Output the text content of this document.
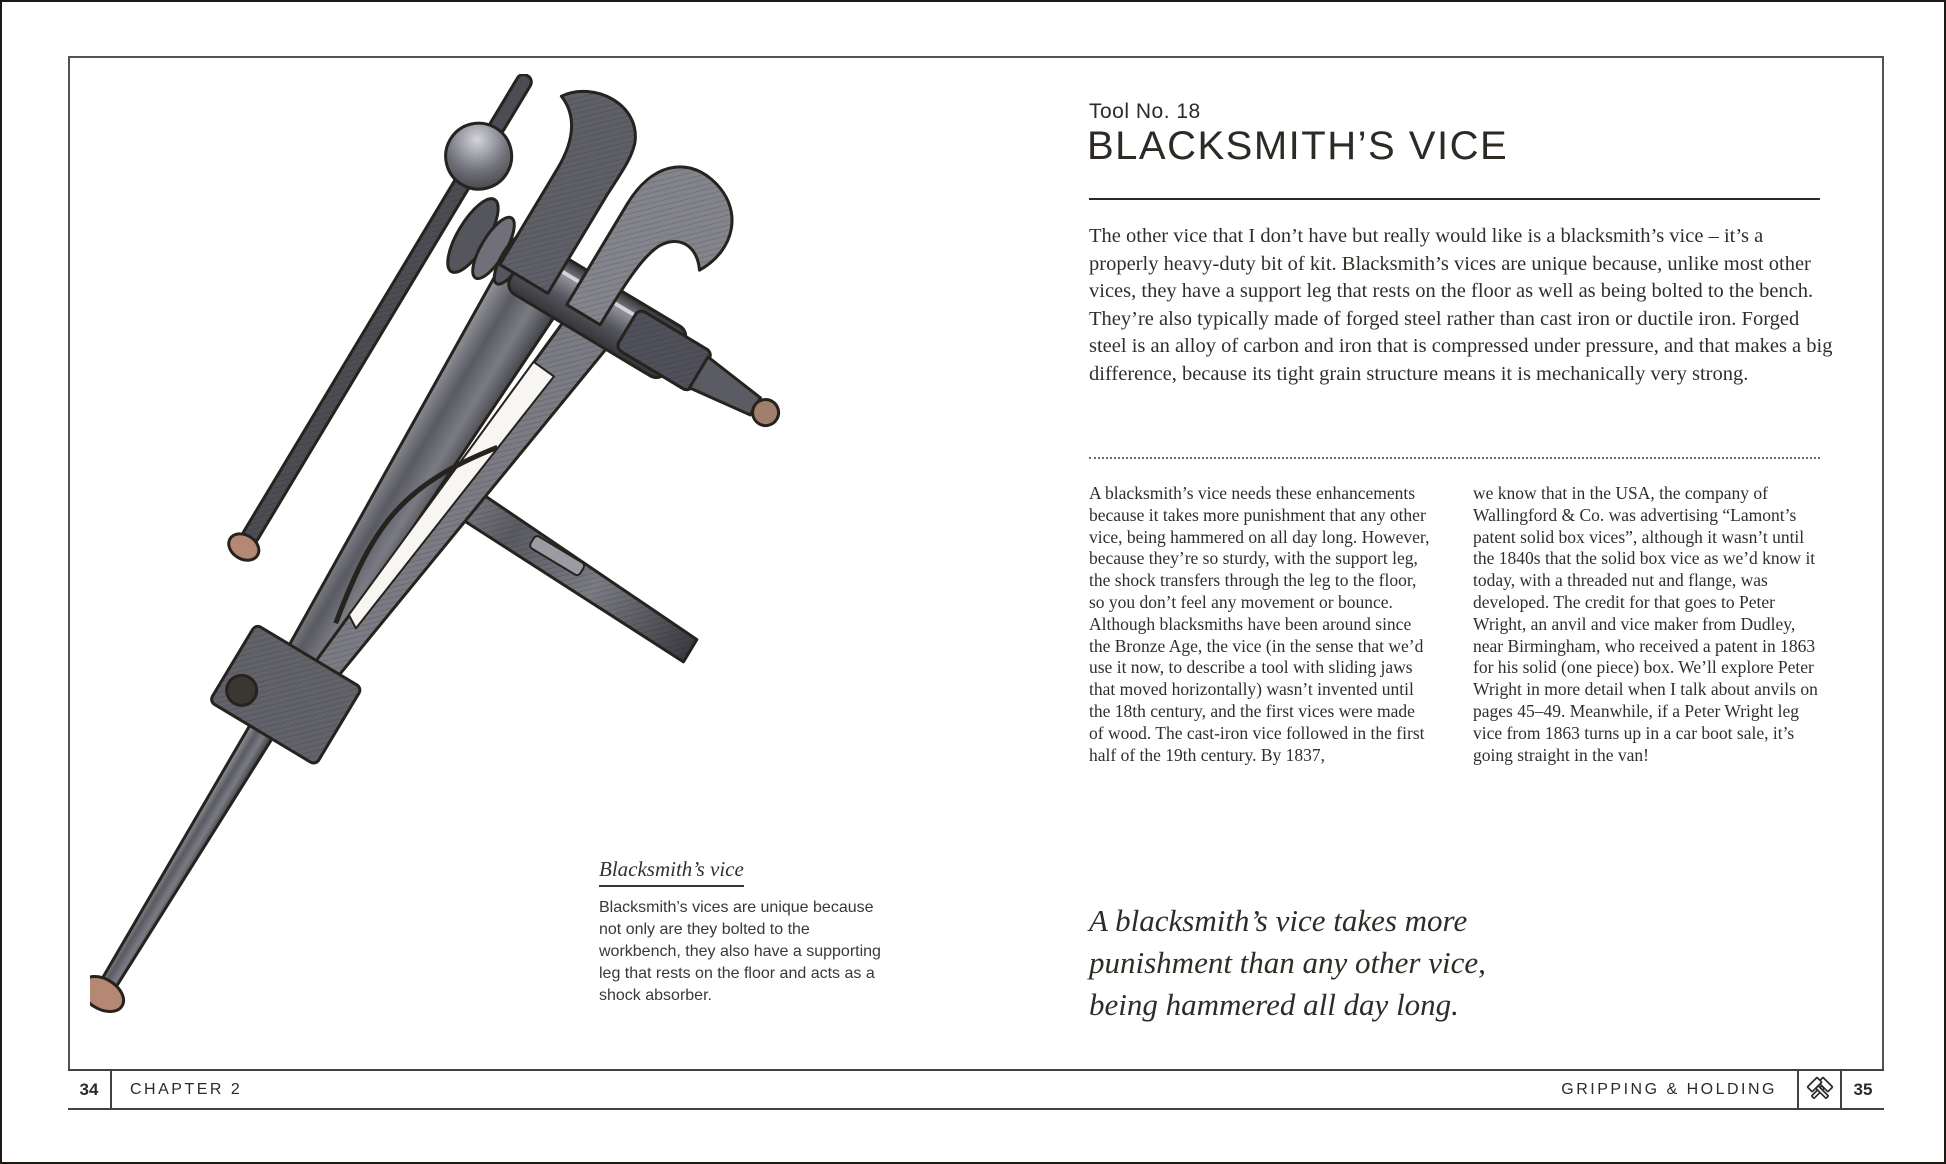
Blacksmith’s vice
Blacksmith’s vices are unique because not only are they bolted to the workbench, they also have a supporting leg that rests on the floor and acts as a shock absorber.
Tool No. 18
BLACKSMITH’S VICE

The other vice that I don’t have but really would like is a blacksmith’s vice – it’s a properly heavy-duty bit of kit. Blacksmith’s vices are unique because, unlike most other vices, they have a support leg that rests on the floor as well as being bolted to the bench. They’re also typically made of forged steel rather than cast iron or ductile iron. Forged steel is an alloy of carbon and iron that is compressed under pressure, and that makes a big difference, because its tight grain structure means it is mechanically very strong.

A blacksmith’s vice needs these enhancements because it takes more punishment that any other vice, being hammered on all day long. However, because they’re so sturdy, with the support leg, the shock transfers through the leg to the floor, so you don’t feel any movement or bounce. Although blacksmiths have been around since the Bronze Age, the vice (in the sense that we’d use it now, to describe a tool with sliding jaws that moved horizontally) wasn’t invented until the 18th century, and the first vices were made of wood. The cast-iron vice followed in the first half of the 19th century. By 1837,

we know that in the USA, the company of Wallingford & Co. was advertising “Lamont’s patent solid box vices”, although it wasn’t until the 1840s that the solid box vice as we’d know it today, with a threaded nut and flange, was developed. The credit for that goes to Peter Wright, an anvil and vice maker from Dudley, near Birmingham, who received a patent in 1863 for his solid (one piece) box. We’ll explore Peter Wright in more detail when I talk about anvils on pages 45–49. Meanwhile, if a Peter Wright leg vice from 1863 turns up in a car boot sale, it’s going straight in the van!

A blacksmith’s vice takes more punishment than any other vice, being hammered all day long.
34	CHAPTER 2	GRIPPING & HOLDING	35
